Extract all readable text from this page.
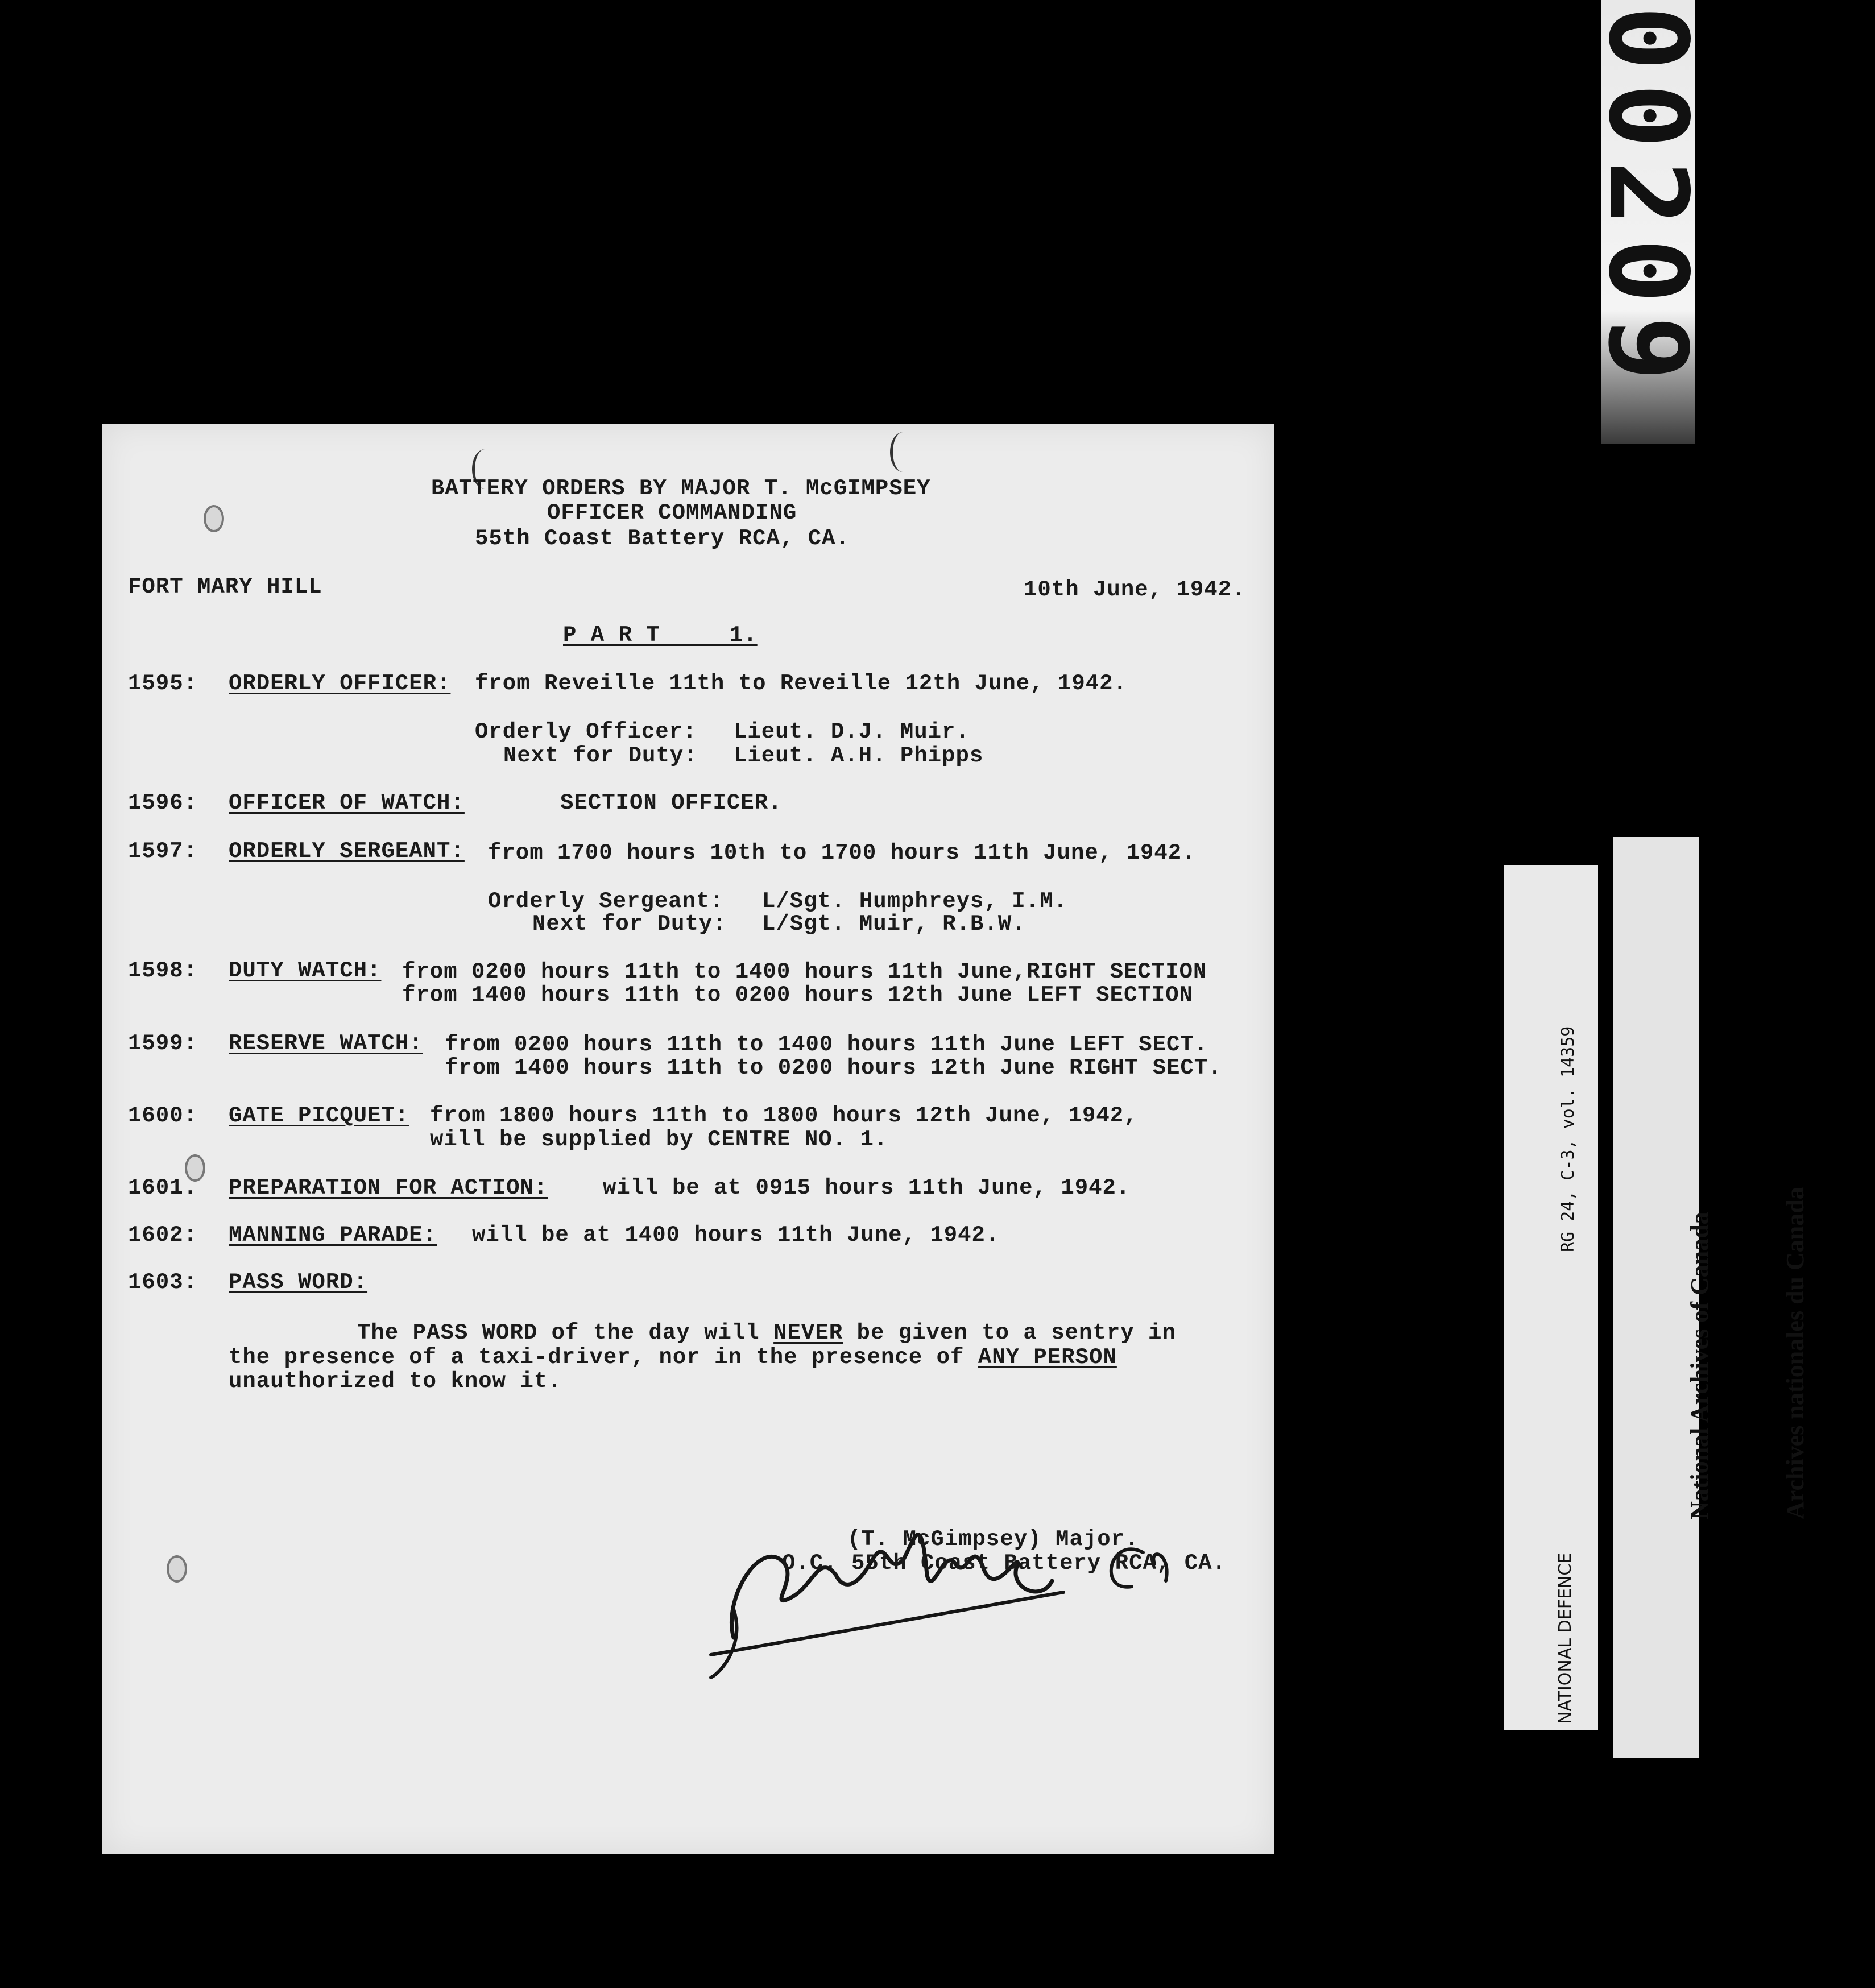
BATTERY ORDERS BY MAJOR T. McGIMPSEY
OFFICER COMMANDING
55th Coast Battery RCA, CA.
FORT MARY HILL	10th June, 1942.
P A R T     1.
1595: ORDERLY OFFICER: from Reveille 11th to Reveille 12th June, 1942.
Orderly Officer: Lieut. D.J. Muir.
Next for Duty: Lieut. A.H. Phipps
1596: OFFICER OF WATCH:	SECTION OFFICER.
1597: ORDERLY SERGEANT: from 1700 hours 10th to 1700 hours 11th June, 1942.
Orderly Sergeant: L/Sgt. Humphreys, I.M.
Next for Duty: L/Sgt. Muir, R.B.W.
1598: DUTY WATCH: from 0200 hours 11th to 1400 hours 11th June,RIGHT SECTION
from 1400 hours 11th to 0200 hours 12th June LEFT SECTION
1599: RESERVE WATCH: from 0200 hours 11th to 1400 hours 11th June LEFT SECT.
from 1400 hours 11th to 0200 hours 12th June RIGHT SECT.
1600: GATE PICQUET: from 1800 hours 11th to 1800 hours 12th June, 1942,
will be supplied by CENTRE NO. 1.
1601. PREPARATION FOR ACTION: will be at 0915 hours 11th June, 1942.
1602: MANNING PARADE: will be at 1400 hours 11th June, 1942.
1603: PASS WORD:
The PASS WORD of the day will NEVER be given to a sentry in
the presence of a taxi-driver, nor in the presence of ANY PERSON
unauthorized to know it.
Capt
(T. McGimpsey) Major.
O.C. 55th Coast Battery RCA, CA.
00209

RG 24, C-3, vol. 14359

NATIONAL DEFENCE

National Archives of Canada

	Archives nationales du Canada
